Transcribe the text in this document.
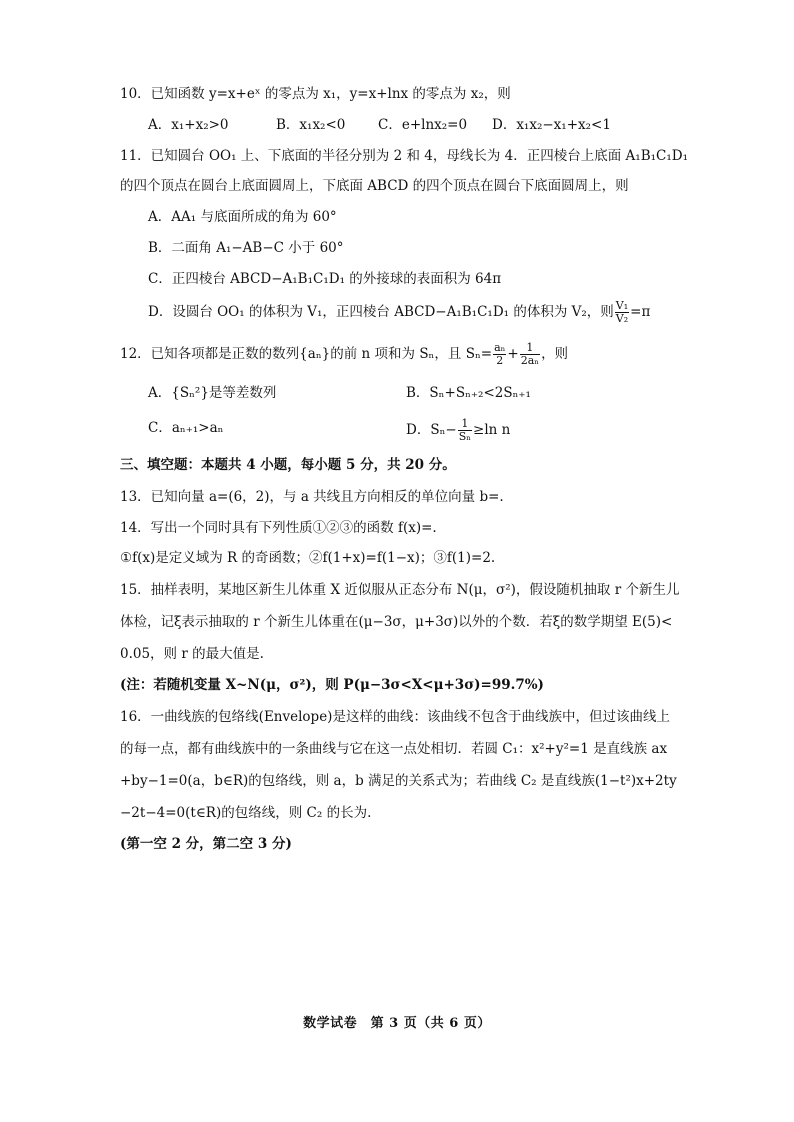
10．已知函数 y=x+eˣ 的零点为 x₁，y=x+lnx 的零点为 x₂，则
A．x₁+x₂>0	B．x₁x₂<0 C．e+lnx₂=0 D．x₁x₂−x₁+x₂<1
11．已知圆台 OO₁ 上、下底面的半径分别为 2 和 4，母线长为 4．正四棱台上底面 A₁B₁C₁D₁
的四个顶点在圆台上底面圆周上，下底面 ABCD 的四个顶点在圆台下底面圆周上，则
A．AA₁ 与底面所成的角为 60°
B．二面角 A₁−AB−C 小于 60°
C．正四棱台 ABCD−A₁B₁C₁D₁ 的外接球的表面积为 64π
D．设圆台 OO₁ 的体积为 V₁，正四棱台 ABCD−A₁B₁C₁D₁ 的体积为 V₂，则 $\frac{\text{V₁}}{\text{V₂}} =\pi$
12．已知各项都是正数的数列{aₙ}的前 n 项和为 Sₙ，且 $S_n= \frac{\text{aₙ}}{2} + \frac{1}{\text{2aₙ}}$ ，则
A．{Sₙ²}是等差数列	B．Sₙ+Sₙ₊₂<2Sₙ₊₁
C．aₙ₊₁>aₙ	D．$S_n- \frac{1}{\text{Sₙ}} \ge\ln$ n
三、填空题：本题共 4 小题，每小题 5 分，共 20 分。
13．已知向量 a=(6，2)，与 a 共线且方向相反的单位向量 b=.
14．写出一个同时具有下列性质①②③的函数 f(x)=.
①f(x)是定义域为 R 的奇函数；②f(1+x)=f(1−x)；③f(1)=2.
15．抽样表明，某地区新生儿体重 X 近似服从正态分布 N(μ，σ²)，假设随机抽取 r 个新生儿
体检，记ξ表示抽取的 r 个新生儿体重在(μ−3σ，μ+3σ)以外的个数．若ξ的数学期望 E(5)<
0.05，则 r 的最大值是.
(注：若随机变量 X~N(μ，σ²)，则 P(μ−3σ<X<μ+3σ)=99.7%)
16．一曲线族的包络线(Envelope)是这样的曲线：该曲线不包含于曲线族中，但过该曲线上
的每一点，都有曲线族中的一条曲线与它在这一点处相切．若圆 C₁：x²+y²=1 是直线族 ax
+by−1=0(a，b∈R)的包络线，则 a，b 满足的关系式为；若曲线 C₂ 是直线族(1−t²)x+2ty
−2t−4=0(t∈R)的包络线，则 C₂ 的长为.
(第一空 2 分，第二空 3 分)
数学试卷　第 3 页（共 6 页）
